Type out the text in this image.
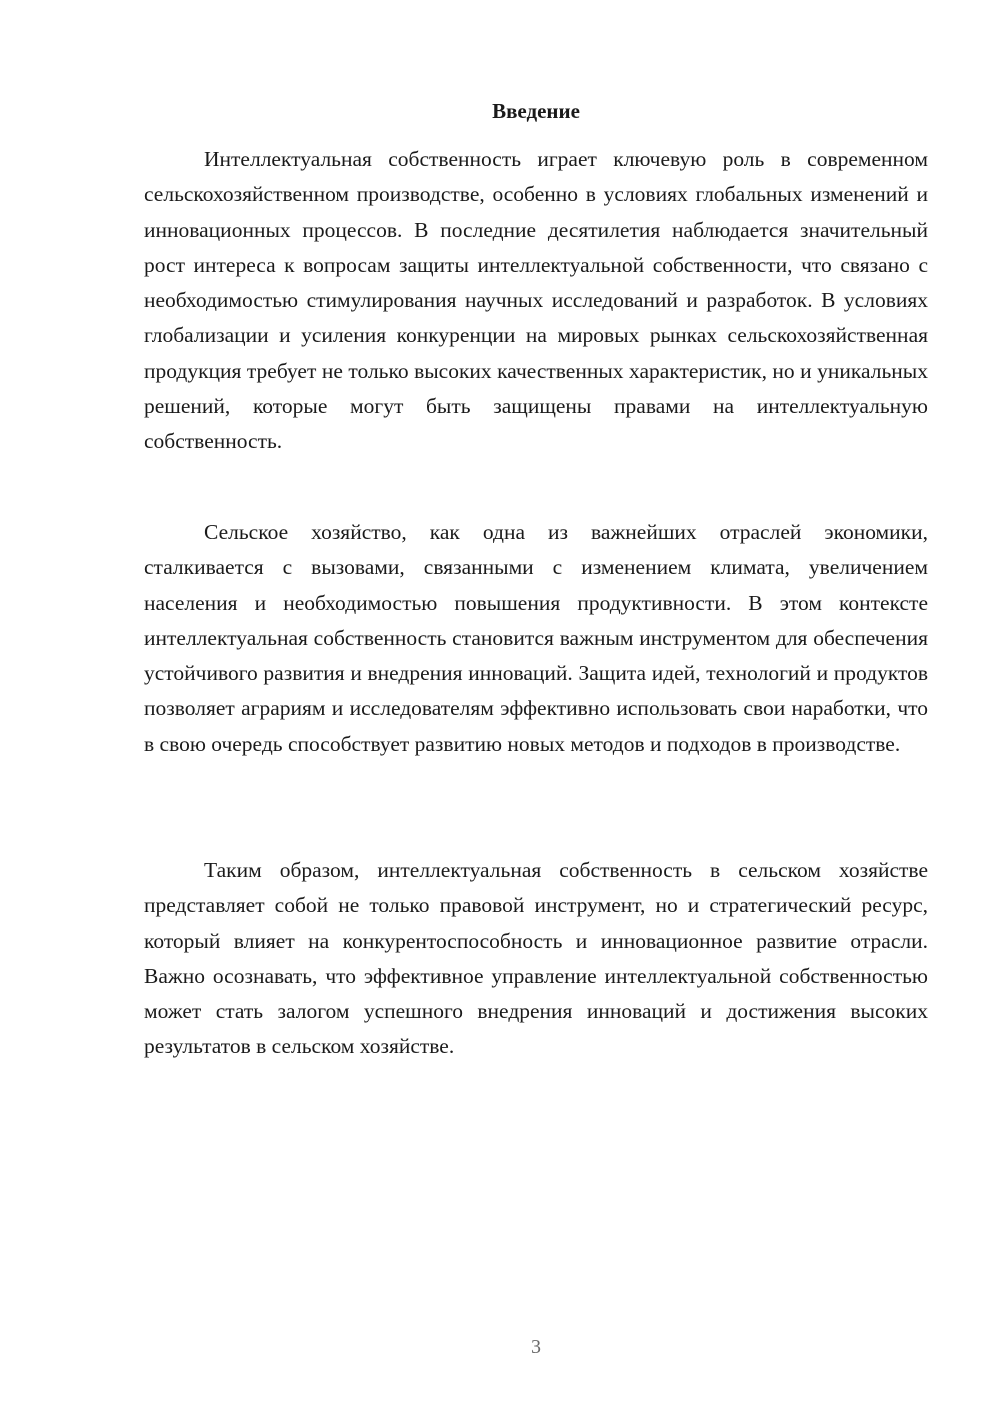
Введение

Интеллектуальная собственность играет ключевую роль в современном сельскохозяйственном производстве, особенно в условиях глобальных изменений и инновационных процессов. В последние десятилетия наблюдается значительный рост интереса к вопросам защиты интеллектуальной собственности, что связано с необходимостью стимулирования научных исследований и разработок. В условиях глобализации и усиления конкуренции на мировых рынках сельскохозяйственная продукция требует не только высоких качественных характеристик, но и уникальных решений, которые могут быть защищены правами на интеллектуальную собственность.

Сельское хозяйство, как одна из важнейших отраслей экономики, сталкивается с вызовами, связанными с изменением климата, увеличением населения и необходимостью повышения продуктивности. В этом контексте интеллектуальная собственность становится важным инструментом для обеспечения устойчивого развития и внедрения инноваций. Защита идей, технологий и продуктов позволяет аграриям и исследователям эффективно использовать свои наработки, что в свою очередь способствует развитию новых методов и подходов в производстве.

Таким образом, интеллектуальная собственность в сельском хозяйстве представляет собой не только правовой инструмент, но и стратегический ресурс, который влияет на конкурентоспособность и инновационное развитие отрасли. Важно осознавать, что эффективное управление интеллектуальной собственностью может стать залогом успешного внедрения инноваций и достижения высоких результатов в сельском хозяйстве.

3
